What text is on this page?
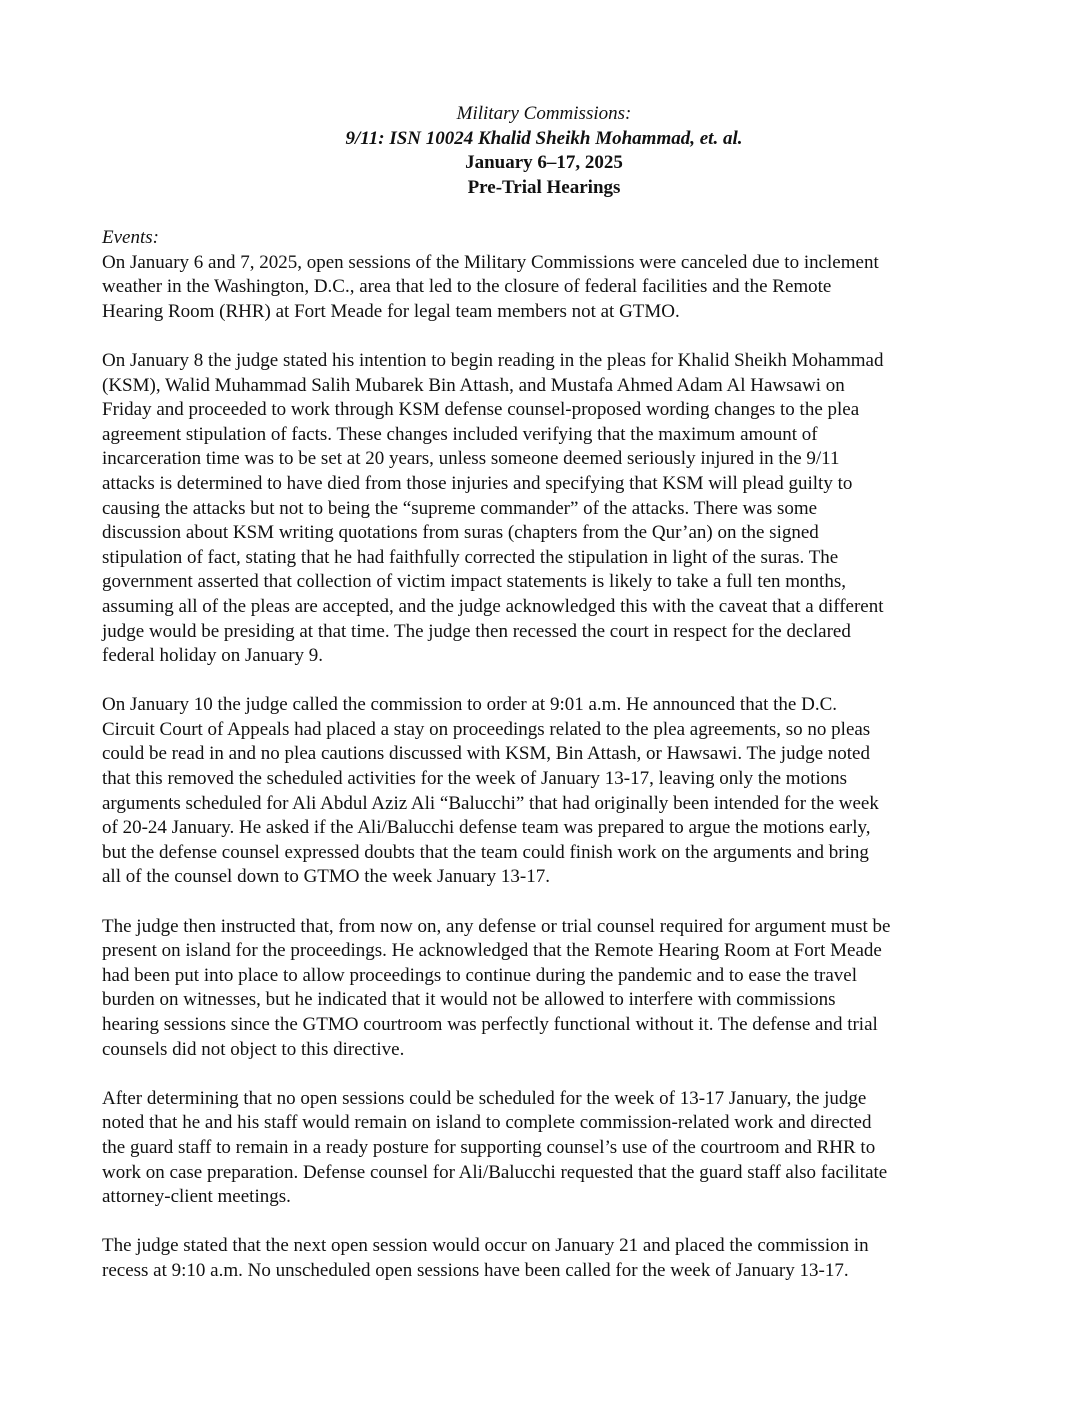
Military Commissions:
9/11: ISN 10024 Khalid Sheikh Mohammad, et. al.
January 6–17, 2025
Pre-Trial Hearings
Events:
On January 6 and 7, 2025, open sessions of the Military Commissions were canceled due to inclement
weather in the Washington, D.C., area that led to the closure of federal facilities and the Remote
Hearing Room (RHR) at Fort Meade for legal team members not at GTMO.
On January 8 the judge stated his intention to begin reading in the pleas for Khalid Sheikh Mohammad
(KSM), Walid Muhammad Salih Mubarek Bin Attash, and Mustafa Ahmed Adam Al Hawsawi on
Friday and proceeded to work through KSM defense counsel-proposed wording changes to the plea
agreement stipulation of facts. These changes included verifying that the maximum amount of
incarceration time was to be set at 20 years, unless someone deemed seriously injured in the 9/11
attacks is determined to have died from those injuries and specifying that KSM will plead guilty to
causing the attacks but not to being the “supreme commander” of the attacks. There was some
discussion about KSM writing quotations from suras (chapters from the Qur’an) on the signed
stipulation of fact, stating that he had faithfully corrected the stipulation in light of the suras. The
government asserted that collection of victim impact statements is likely to take a full ten months,
assuming all of the pleas are accepted, and the judge acknowledged this with the caveat that a different
judge would be presiding at that time. The judge then recessed the court in respect for the declared
federal holiday on January 9.
On January 10 the judge called the commission to order at 9:01 a.m. He announced that the D.C.
Circuit Court of Appeals had placed a stay on proceedings related to the plea agreements, so no pleas
could be read in and no plea cautions discussed with KSM, Bin Attash, or Hawsawi. The judge noted
that this removed the scheduled activities for the week of January 13-17, leaving only the motions
arguments scheduled for Ali Abdul Aziz Ali “Balucchi” that had originally been intended for the week
of 20-24 January. He asked if the Ali/Balucchi defense team was prepared to argue the motions early,
but the defense counsel expressed doubts that the team could finish work on the arguments and bring
all of the counsel down to GTMO the week January 13-17.
The judge then instructed that, from now on, any defense or trial counsel required for argument must be
present on island for the proceedings. He acknowledged that the Remote Hearing Room at Fort Meade
had been put into place to allow proceedings to continue during the pandemic and to ease the travel
burden on witnesses, but he indicated that it would not be allowed to interfere with commissions
hearing sessions since the GTMO courtroom was perfectly functional without it. The defense and trial
counsels did not object to this directive.
After determining that no open sessions could be scheduled for the week of 13-17 January, the judge
noted that he and his staff would remain on island to complete commission-related work and directed
the guard staff to remain in a ready posture for supporting counsel’s use of the courtroom and RHR to
work on case preparation. Defense counsel for Ali/Balucchi requested that the guard staff also facilitate
attorney-client meetings.
The judge stated that the next open session would occur on January 21 and placed the commission in
recess at 9:10 a.m. No unscheduled open sessions have been called for the week of January 13-17.
